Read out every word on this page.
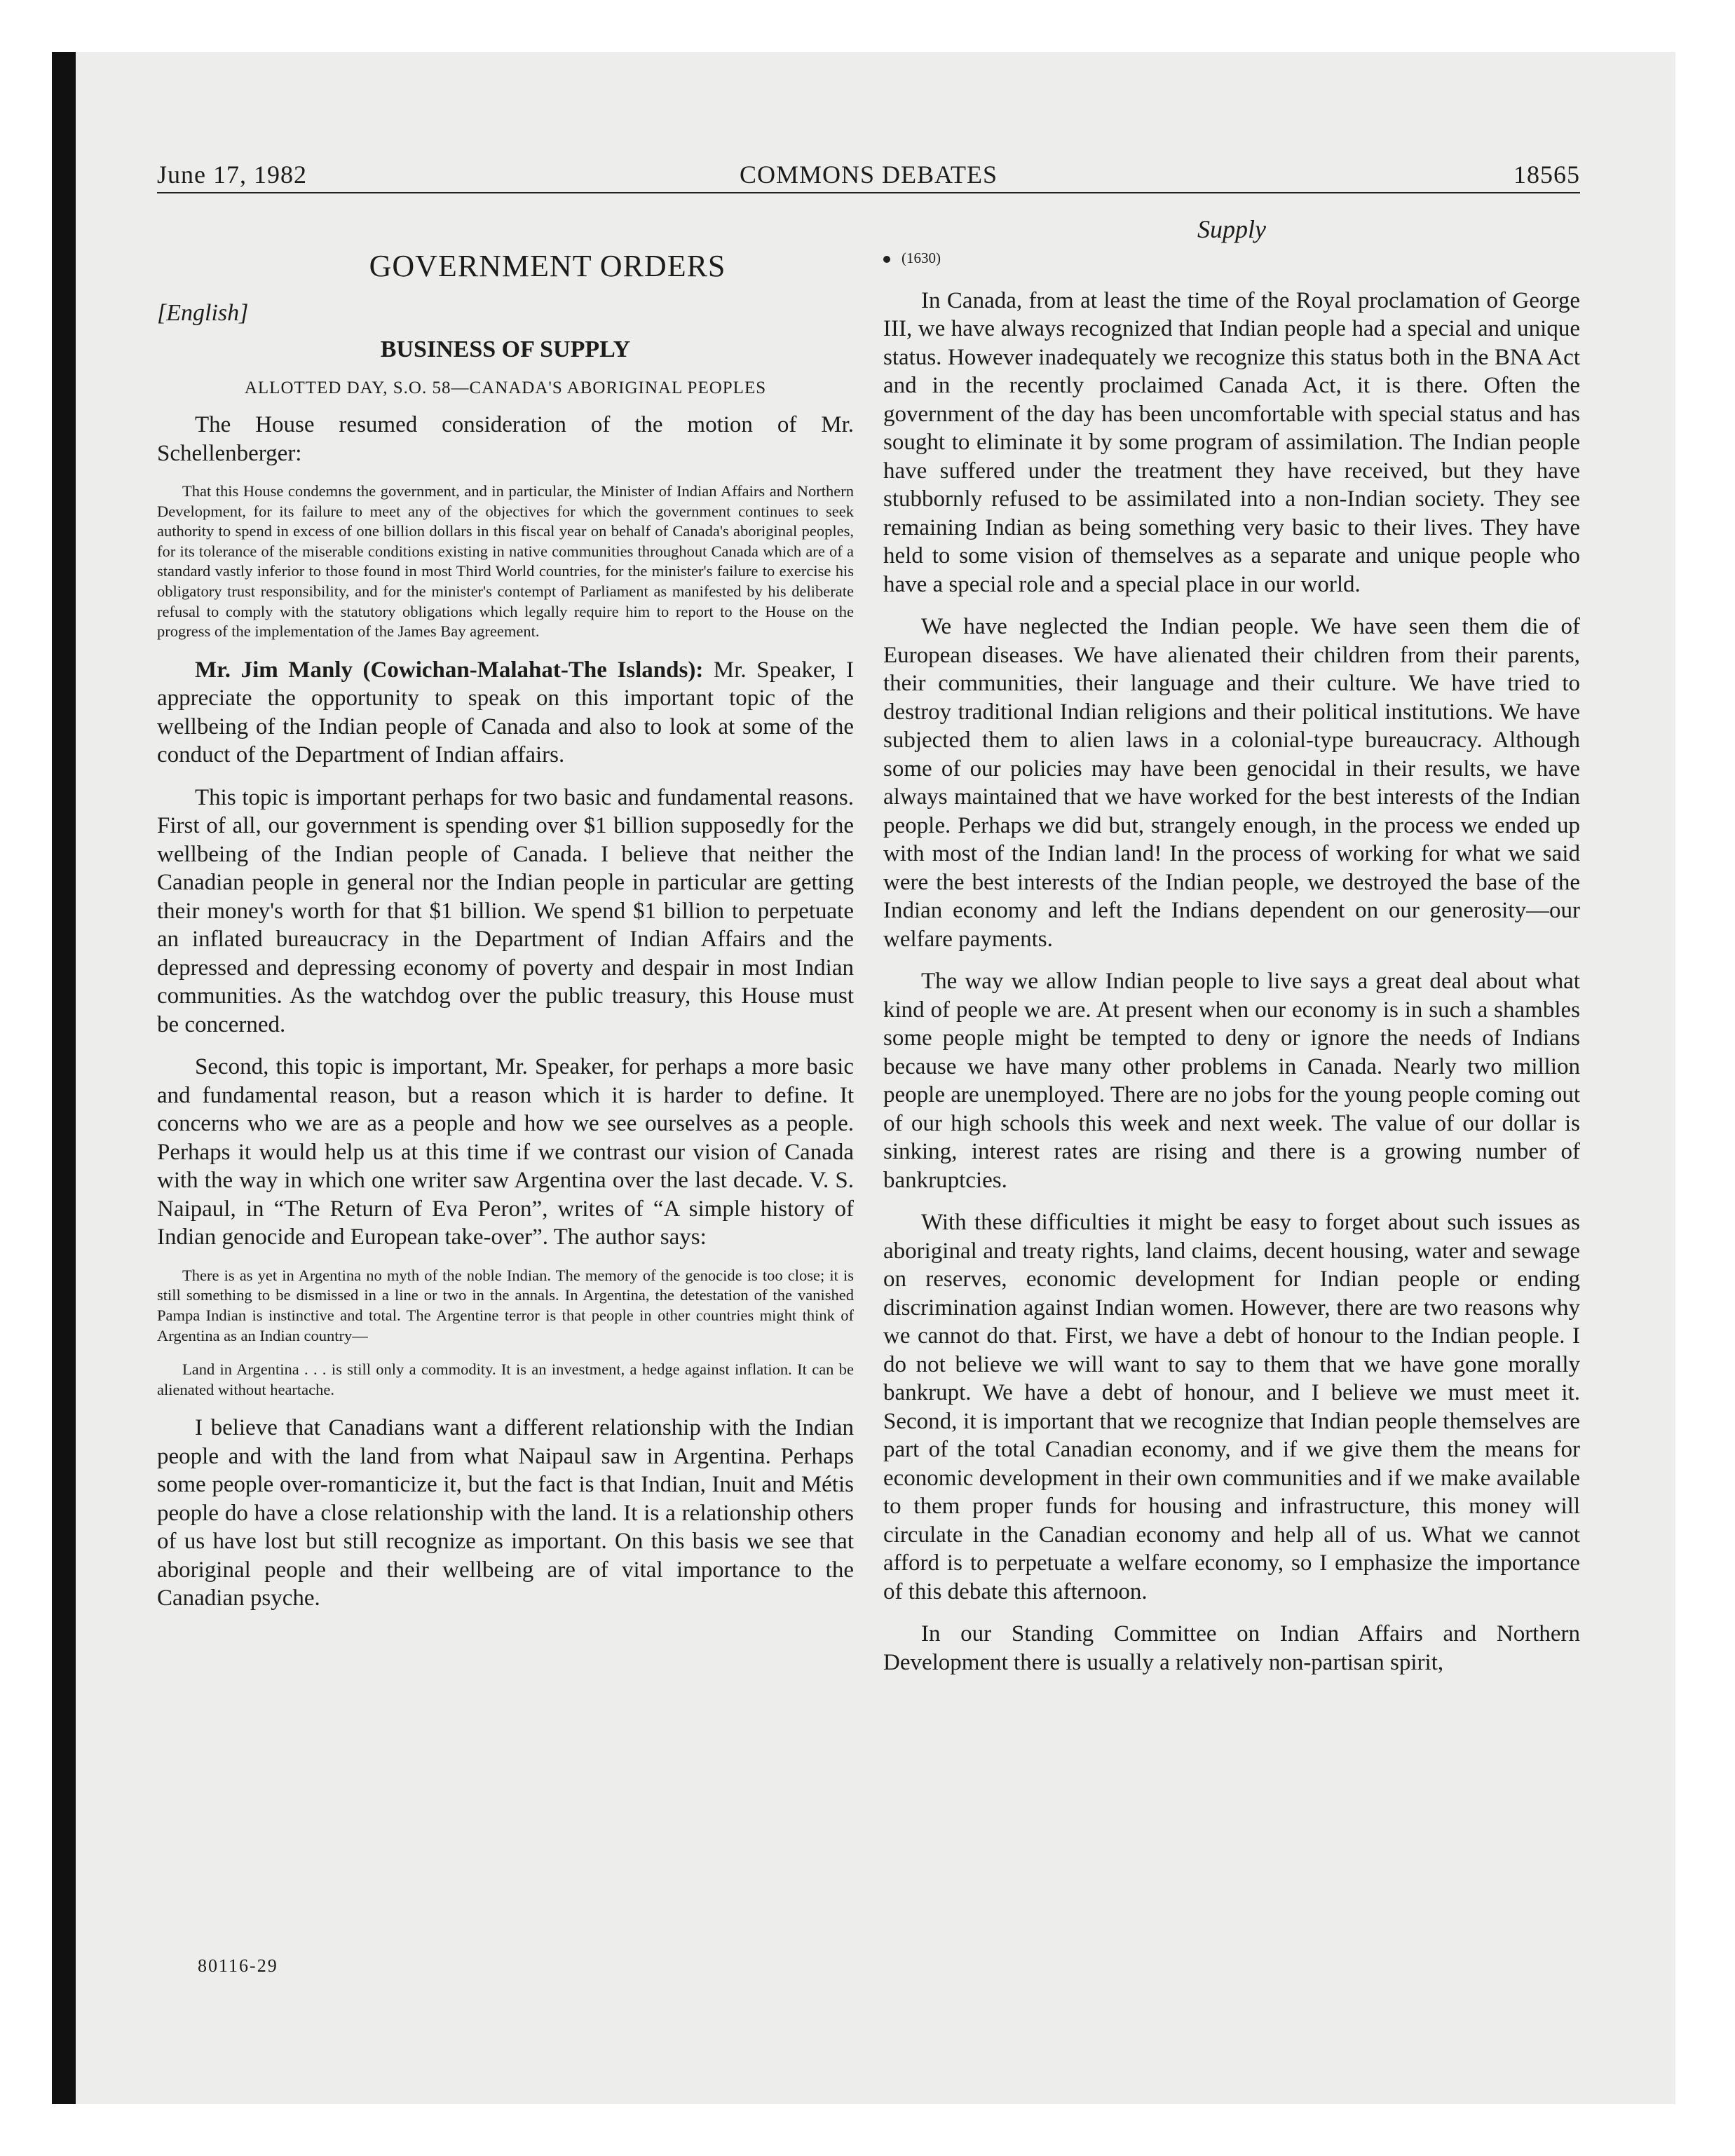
June 17, 1982	COMMONS DEBATES	18565
Supply
GOVERNMENT ORDERS
[English]
BUSINESS OF SUPPLY
ALLOTTED DAY, S.O. 58—CANADA'S ABORIGINAL PEOPLES

The House resumed consideration of the motion of Mr. Schellenberger:

That this House condemns the government, and in particular, the Minister of Indian Affairs and Northern Development, for its failure to meet any of the objectives for which the government continues to seek authority to spend in excess of one billion dollars in this fiscal year on behalf of Canada's aboriginal peoples, for its tolerance of the miserable conditions existing in native communities throughout Canada which are of a standard vastly inferior to those found in most Third World countries, for the minister's failure to exercise his obligatory trust responsibility, and for the minister's contempt of Parliament as manifested by his deliberate refusal to comply with the statutory obligations which legally require him to report to the House on the progress of the implementation of the James Bay agreement.

Mr. Jim Manly (Cowichan-Malahat-The Islands): Mr. Speaker, I appreciate the opportunity to speak on this important topic of the wellbeing of the Indian people of Canada and also to look at some of the conduct of the Department of Indian affairs.

This topic is important perhaps for two basic and fundamental reasons. First of all, our government is spending over $1 billion supposedly for the wellbeing of the Indian people of Canada. I believe that neither the Canadian people in general nor the Indian people in particular are getting their money's worth for that $1 billion. We spend $1 billion to perpetuate an inflated bureaucracy in the Department of Indian Affairs and the depressed and depressing economy of poverty and despair in most Indian communities. As the watchdog over the public treasury, this House must be concerned.

Second, this topic is important, Mr. Speaker, for perhaps a more basic and fundamental reason, but a reason which it is harder to define. It concerns who we are as a people and how we see ourselves as a people. Perhaps it would help us at this time if we contrast our vision of Canada with the way in which one writer saw Argentina over the last decade. V. S. Naipaul, in “The Return of Eva Peron”, writes of “A simple history of Indian genocide and European take-over”. The author says:

There is as yet in Argentina no myth of the noble Indian. The memory of the genocide is too close; it is still something to be dismissed in a line or two in the annals. In Argentina, the detestation of the vanished Pampa Indian is instinctive and total. The Argentine terror is that people in other countries might think of Argentina as an Indian country—

Land in Argentina . . . is still only a commodity. It is an investment, a hedge against inflation. It can be alienated without heartache.

I believe that Canadians want a different relationship with the Indian people and with the land from what Naipaul saw in Argentina. Perhaps some people over-romanticize it, but the fact is that Indian, Inuit and Métis people do have a close relationship with the land. It is a relationship others of us have lost but still recognize as important. On this basis we see that aboriginal people and their wellbeing are of vital importance to the Canadian psyche.

(1630)

In Canada, from at least the time of the Royal proclamation of George III, we have always recognized that Indian people had a special and unique status. However inadequately we recognize this status both in the BNA Act and in the recently proclaimed Canada Act, it is there. Often the government of the day has been uncomfortable with special status and has sought to eliminate it by some program of assimilation. The Indian people have suffered under the treatment they have received, but they have stubbornly refused to be assimilated into a non-Indian society. They see remaining Indian as being something very basic to their lives. They have held to some vision of themselves as a separate and unique people who have a special role and a special place in our world.

We have neglected the Indian people. We have seen them die of European diseases. We have alienated their children from their parents, their communities, their language and their culture. We have tried to destroy traditional Indian religions and their political institutions. We have subjected them to alien laws in a colonial-type bureaucracy. Although some of our policies may have been genocidal in their results, we have always maintained that we have worked for the best interests of the Indian people. Perhaps we did but, strangely enough, in the process we ended up with most of the Indian land! In the process of working for what we said were the best interests of the Indian people, we destroyed the base of the Indian economy and left the Indians dependent on our generosity—our welfare payments.

The way we allow Indian people to live says a great deal about what kind of people we are. At present when our economy is in such a shambles some people might be tempted to deny or ignore the needs of Indians because we have many other problems in Canada. Nearly two million people are unemployed. There are no jobs for the young people coming out of our high schools this week and next week. The value of our dollar is sinking, interest rates are rising and there is a growing number of bankruptcies.

With these difficulties it might be easy to forget about such issues as aboriginal and treaty rights, land claims, decent housing, water and sewage on reserves, economic development for Indian people or ending discrimination against Indian women. However, there are two reasons why we cannot do that. First, we have a debt of honour to the Indian people. I do not believe we will want to say to them that we have gone morally bankrupt. We have a debt of honour, and I believe we must meet it. Second, it is important that we recognize that Indian people themselves are part of the total Canadian economy, and if we give them the means for economic development in their own communities and if we make available to them proper funds for housing and infrastructure, this money will circulate in the Canadian economy and help all of us. What we cannot afford is to perpetuate a welfare economy, so I emphasize the importance of this debate this afternoon.

In our Standing Committee on Indian Affairs and Northern Development there is usually a relatively non-partisan spirit,

80116-29
